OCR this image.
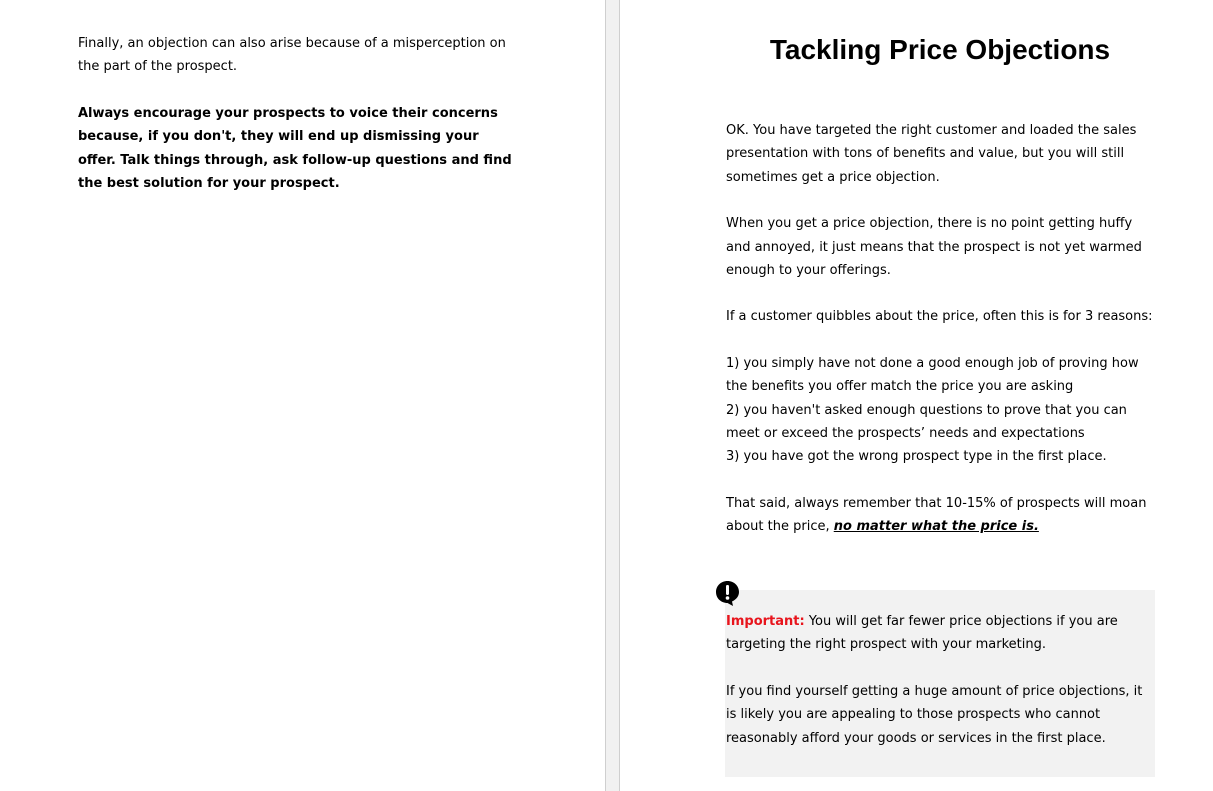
Finally, an objection can also arise because of a misperception on the part of the prospect.

Always encourage your prospects to voice their concerns because, if you don't, they will end up dismissing your offer. Talk things through, ask follow-up questions and find the best solution for your prospect.

Tackling Price Objections

OK. You have targeted the right customer and loaded the sales presentation with tons of benefits and value, but you will still sometimes get a price objection.

When you get a price objection, there is no point getting huffy and annoyed, it just means that the prospect is not yet warmed enough to your offerings.

If a customer quibbles about the price, often this is for 3 reasons:

1) you simply have not done a good enough job of proving how the benefits you offer match the price you are asking
2) you haven't asked enough questions to prove that you can meet or exceed the prospects’ needs and expectations
3) you have got the wrong prospect type in the first place.

That said, always remember that 10-15% of prospects will moan about the price, no matter what the price is.

Important: You will get far fewer price objections if you are targeting the right prospect with your marketing.

If you find yourself getting a huge amount of price objections, it is likely you are appealing to those prospects who cannot reasonably afford your goods or services in the first place.
